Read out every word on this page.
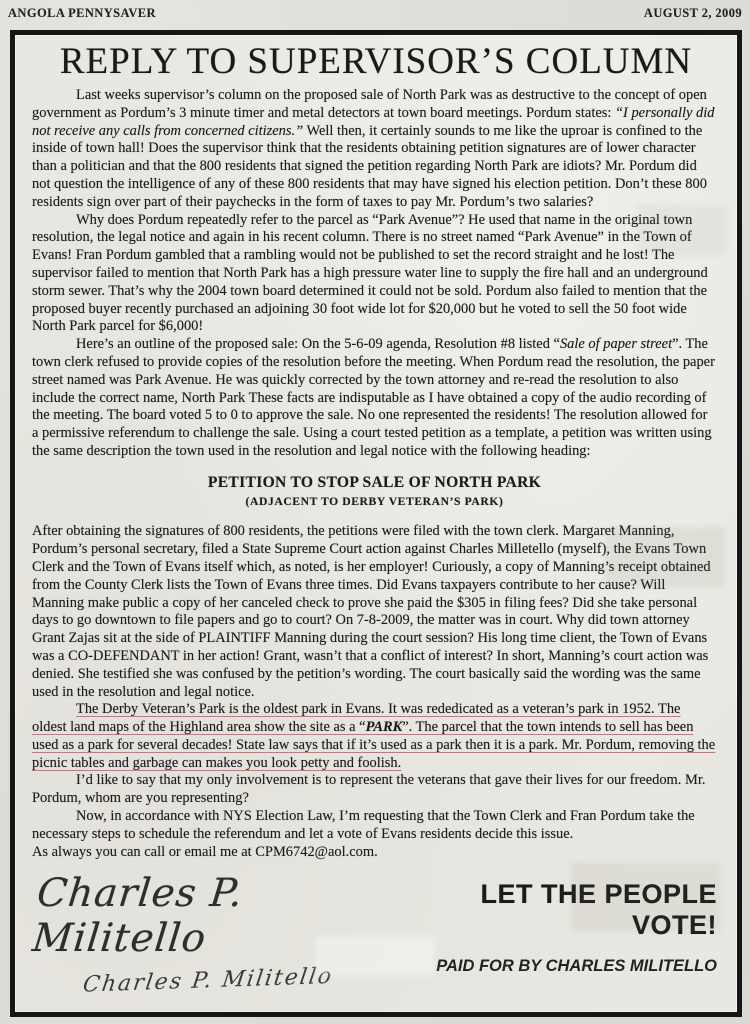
ANGOLA PENNYSAVER	AUGUST 2, 2009
REPLY TO SUPERVISOR’S COLUMN

Last weeks supervisor’s column on the proposed sale of North Park was as destructive to the concept of open government as Pordum’s 3 minute timer and metal detectors at town board meetings. Pordum states: “I personally did not receive any calls from concerned citizens.” Well then, it certainly sounds to me like the uproar is confined to the inside of town hall! Does the supervisor think that the residents obtaining petition signatures are of lower character than a politician and that the 800 residents that signed the petition regarding North Park are idiots? Mr. Pordum did not question the intelligence of any of these 800 residents that may have signed his election petition. Don’t these 800 residents sign over part of their paychecks in the form of taxes to pay Mr. Pordum’s two salaries?

Why does Pordum repeatedly refer to the parcel as “Park Avenue”? He used that name in the original town resolution, the legal notice and again in his recent column. There is no street named “Park Avenue” in the Town of Evans! Fran Pordum gambled that a rambling would not be published to set the record straight and he lost! The supervisor failed to mention that North Park has a high pressure water line to supply the fire hall and an underground storm sewer. That’s why the 2004 town board determined it could not be sold. Pordum also failed to mention that the proposed buyer recently purchased an adjoining 30 foot wide lot for $20,000 but he voted to sell the 50 foot wide North Park parcel for $6,000!

Here’s an outline of the proposed sale: On the 5-6-09 agenda, Resolution #8 listed “Sale of paper street”. The town clerk refused to provide copies of the resolution before the meeting. When Pordum read the resolution, the paper street named was Park Avenue. He was quickly corrected by the town attorney and re-read the resolution to also include the correct name, North Park These facts are indisputable as I have obtained a copy of the audio recording of the meeting. The board voted 5 to 0 to approve the sale. No one represented the residents! The resolution allowed for a permissive referendum to challenge the sale. Using a court tested petition as a template, a petition was written using the same description the town used in the resolution and legal notice with the following heading:

PETITION TO STOP SALE OF NORTH PARK
(ADJACENT TO DERBY VETERAN’S PARK)

After obtaining the signatures of 800 residents, the petitions were filed with the town clerk. Margaret Manning, Pordum’s personal secretary, filed a State Supreme Court action against Charles Milletello (myself), the Evans Town Clerk and the Town of Evans itself which, as noted, is her employer! Curiously, a copy of Manning’s receipt obtained from the County Clerk lists the Town of Evans three times. Did Evans taxpayers contribute to her cause? Will Manning make public a copy of her canceled check to prove she paid the $305 in filing fees? Did she take personal days to go downtown to file papers and go to court? On 7-8-2009, the matter was in court. Why did town attorney Grant Zajas sit at the side of PLAINTIFF Manning during the court session? His long time client, the Town of Evans was a CO-DEFENDANT in her action! Grant, wasn’t that a conflict of interest? In short, Manning’s court action was denied. She testified she was confused by the petition’s wording. The court basically said the wording was the same used in the resolution and legal notice.

The Derby Veteran’s Park is the oldest park in Evans. It was rededicated as a veteran’s park in 1952. The oldest land maps of the Highland area show the site as a “PARK”. The parcel that the town intends to sell has been used as a park for several decades! State law says that if it’s used as a park then it is a park. Mr. Pordum, removing the picnic tables and garbage can makes you look petty and foolish.

I’d like to say that my only involvement is to represent the veterans that gave their lives for our freedom. Mr. Pordum, whom are you representing?

Now, in accordance with NYS Election Law, I’m requesting that the Town Clerk and Fran Pordum take the necessary steps to schedule the referendum and let a vote of Evans residents decide this issue.

As always you can call or email me at CPM6742@aol.com.

Charles P. Militello
Charles P. Militello
LET THE PEOPLE VOTE!
PAID FOR BY CHARLES MILITELLO
